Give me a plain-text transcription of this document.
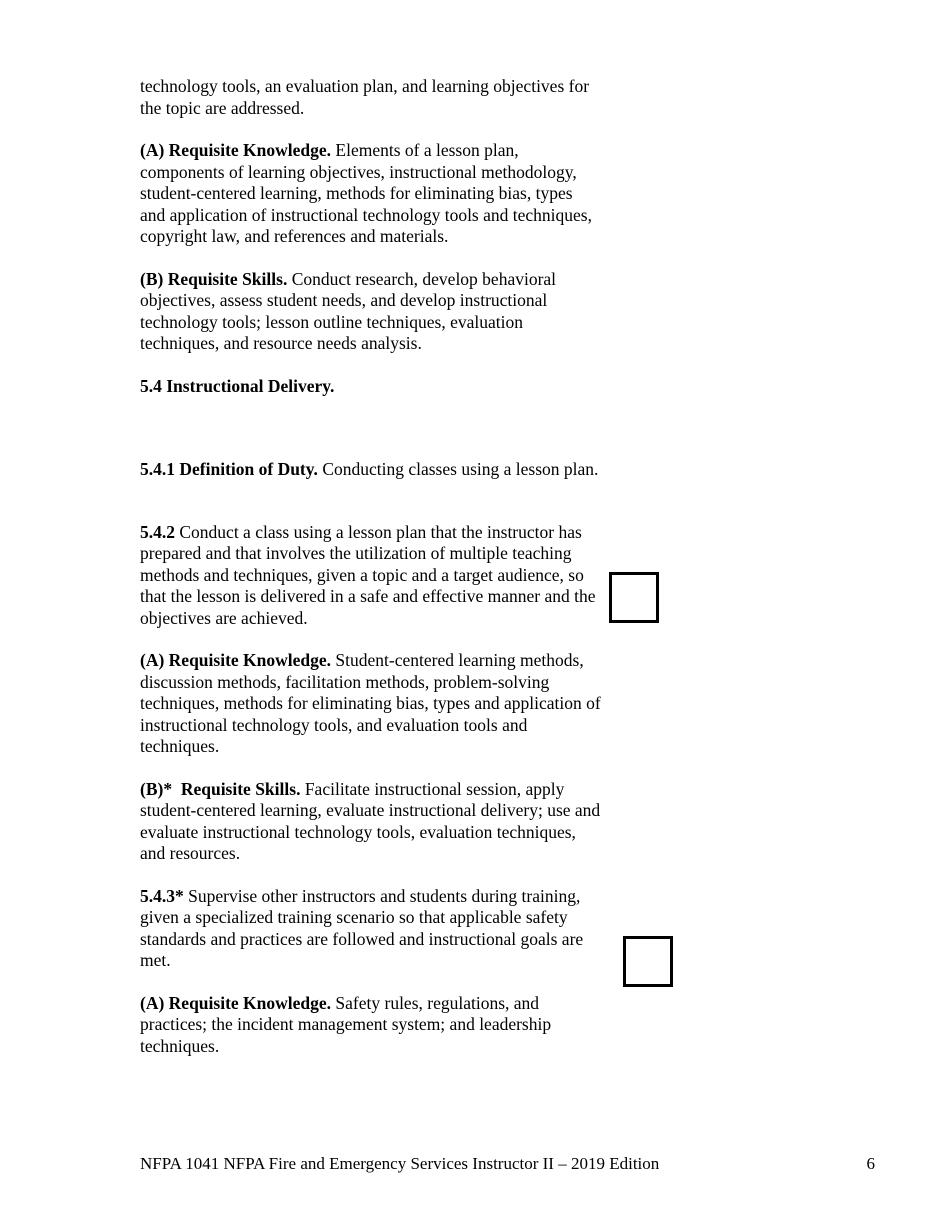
technology tools, an evaluation plan, and learning objectives for the topic are addressed.

(A) Requisite Knowledge. Elements of a lesson plan, components of learning objectives, instructional methodology, student-centered learning, methods for eliminating bias, types and application of instructional technology tools and techniques, copyright law, and references and materials.

(B) Requisite Skills. Conduct research, develop behavioral objectives, assess student needs, and develop instructional technology tools; lesson outline techniques, evaluation techniques, and resource needs analysis.

5.4 Instructional Delivery.

5.4.1 Definition of Duty. Conducting classes using a lesson plan.

5.4.2 Conduct a class using a lesson plan that the instructor has prepared and that involves the utilization of multiple teaching methods and techniques, given a topic and a target audience, so that the lesson is delivered in a safe and effective manner and the objectives are achieved.

(A) Requisite Knowledge. Student-centered learning methods, discussion methods, facilitation methods, problem-solving techniques, methods for eliminating bias, types and application of instructional technology tools, and evaluation tools and techniques.

(B)*  Requisite Skills. Facilitate instructional session, apply student-centered learning, evaluate instructional delivery; use and evaluate instructional technology tools, evaluation techniques, and resources.

5.4.3* Supervise other instructors and students during training, given a specialized training scenario so that applicable safety standards and practices are followed and instructional goals are met.

(A) Requisite Knowledge. Safety rules, regulations, and practices; the incident management system; and leadership techniques.

NFPA 1041 NFPA Fire and Emergency Services Instructor II – 2019 Edition	6
